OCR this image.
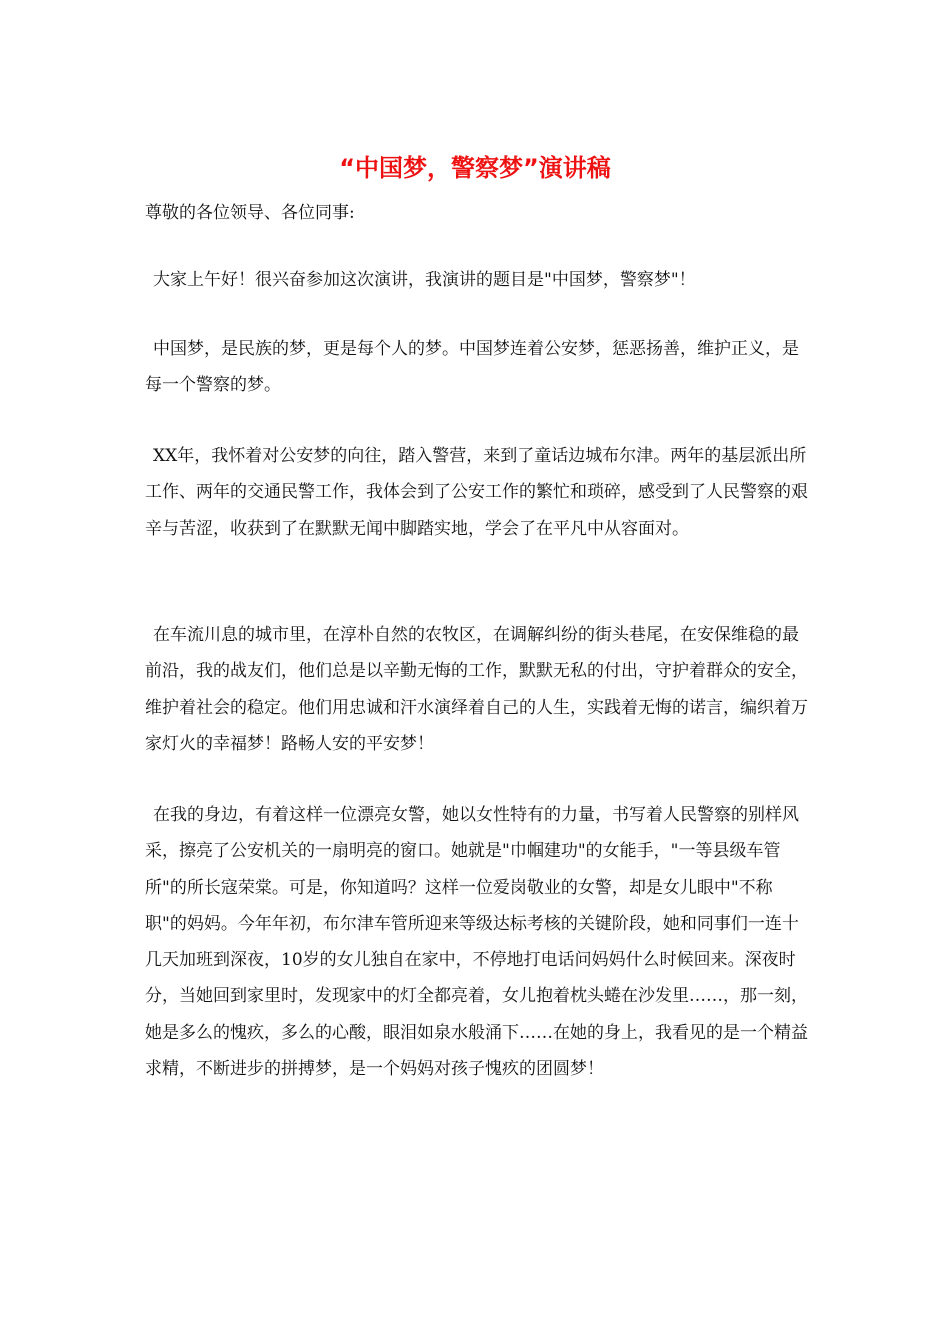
“中国梦，警察梦”演讲稿
尊敬的各位领导、各位同事:

大家上午好！很兴奋参加这次演讲，我演讲的题目是"中国梦，警察梦"！

中国梦，是民族的梦，更是每个人的梦。中国梦连着公安梦，惩恶扬善，维护正义，是每一个警察的梦。

XX年，我怀着对公安梦的向往，踏入警营，来到了童话边城布尔津。两年的基层派出所工作、两年的交通民警工作，我体会到了公安工作的繁忙和琐碎，感受到了人民警察的艰辛与苦涩，收获到了在默默无闻中脚踏实地，学会了在平凡中从容面对。

在车流川息的城市里，在淳朴自然的农牧区，在调解纠纷的街头巷尾，在安保维稳的最前沿，我的战友们，他们总是以辛勤无悔的工作，默默无私的付出，守护着群众的安全，维护着社会的稳定。他们用忠诚和汗水演绎着自己的人生，实践着无悔的诺言，编织着万家灯火的幸福梦！路畅人安的平安梦！

在我的身边，有着这样一位漂亮女警，她以女性特有的力量，书写着人民警察的别样风采，擦亮了公安机关的一扇明亮的窗口。她就是"巾帼建功"的女能手，"一等县级车管所"的所长寇荣棠。可是，你知道吗？这样一位爱岗敬业的女警，却是女儿眼中"不称职"的妈妈。今年年初，布尔津车管所迎来等级达标考核的关键阶段，她和同事们一连十几天加班到深夜，10岁的女儿独自在家中，不停地打电话问妈妈什么时候回来。深夜时分，当她回到家里时，发现家中的灯全都亮着，女儿抱着枕头蜷在沙发里……，那一刻，她是多么的愧疚，多么的心酸，眼泪如泉水般涌下……在她的身上，我看见的是一个精益求精，不断进步的拼搏梦，是一个妈妈对孩子愧疚的团圆梦！
